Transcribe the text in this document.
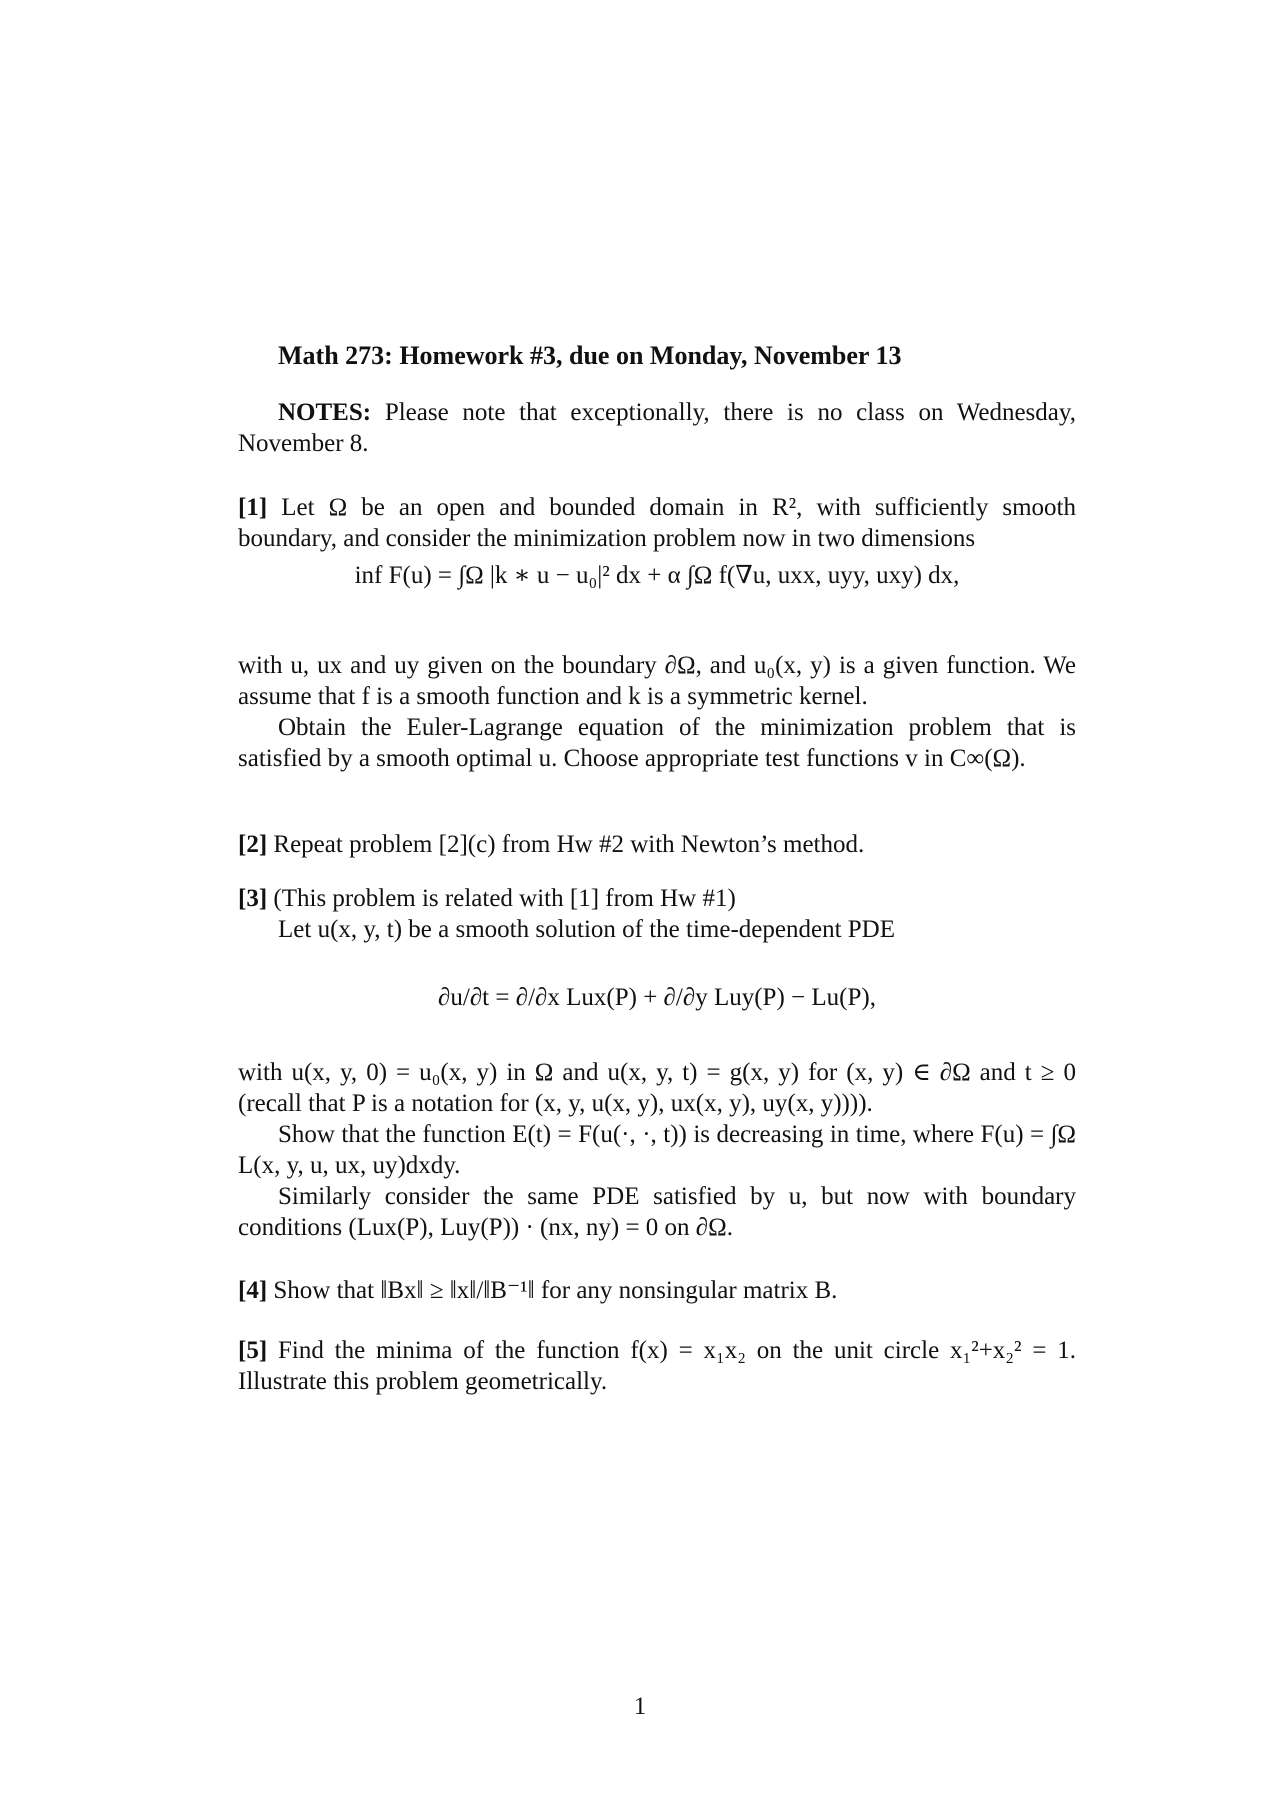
Math 273: Homework #3, due on Monday, November 13
NOTES: Please note that exceptionally, there is no class on Wednesday, November 8.
[1] Let Ω be an open and bounded domain in R², with sufficiently smooth boundary, and consider the minimization problem now in two dimensions
inf F(u) = ∫Ω |k ∗ u − u₀|² dx + α ∫Ω f(∇u, uxx, uyy, uxy) dx,
with u, ux and uy given on the boundary ∂Ω, and u₀(x, y) is a given function. We assume that f is a smooth function and k is a symmetric kernel.
Obtain the Euler-Lagrange equation of the minimization problem that is satisfied by a smooth optimal u. Choose appropriate test functions v in C∞(Ω).
[2] Repeat problem [2](c) from Hw #2 with Newton’s method.
[3] (This problem is related with [1] from Hw #1)
Let u(x, y, t) be a smooth solution of the time-dependent PDE
∂u/∂t = ∂/∂x Lux(P) + ∂/∂y Luy(P) − Lu(P),
with u(x, y, 0) = u₀(x, y) in Ω and u(x, y, t) = g(x, y) for (x, y) ∈ ∂Ω and t ≥ 0 (recall that P is a notation for (x, y, u(x, y), ux(x, y), uy(x, y)))).
Show that the function E(t) = F(u(·, ·, t)) is decreasing in time, where F(u) = ∫Ω L(x, y, u, ux, uy)dxdy.
Similarly consider the same PDE satisfied by u, but now with boundary conditions (Lux(P), Luy(P)) · (nx, ny) = 0 on ∂Ω.
[4] Show that ‖Bx‖ ≥ ‖x‖/‖B⁻¹‖ for any nonsingular matrix B.
[5] Find the minima of the function f(x) = x₁x₂ on the unit circle x₁²+x₂² = 1. Illustrate this problem geometrically.
1
